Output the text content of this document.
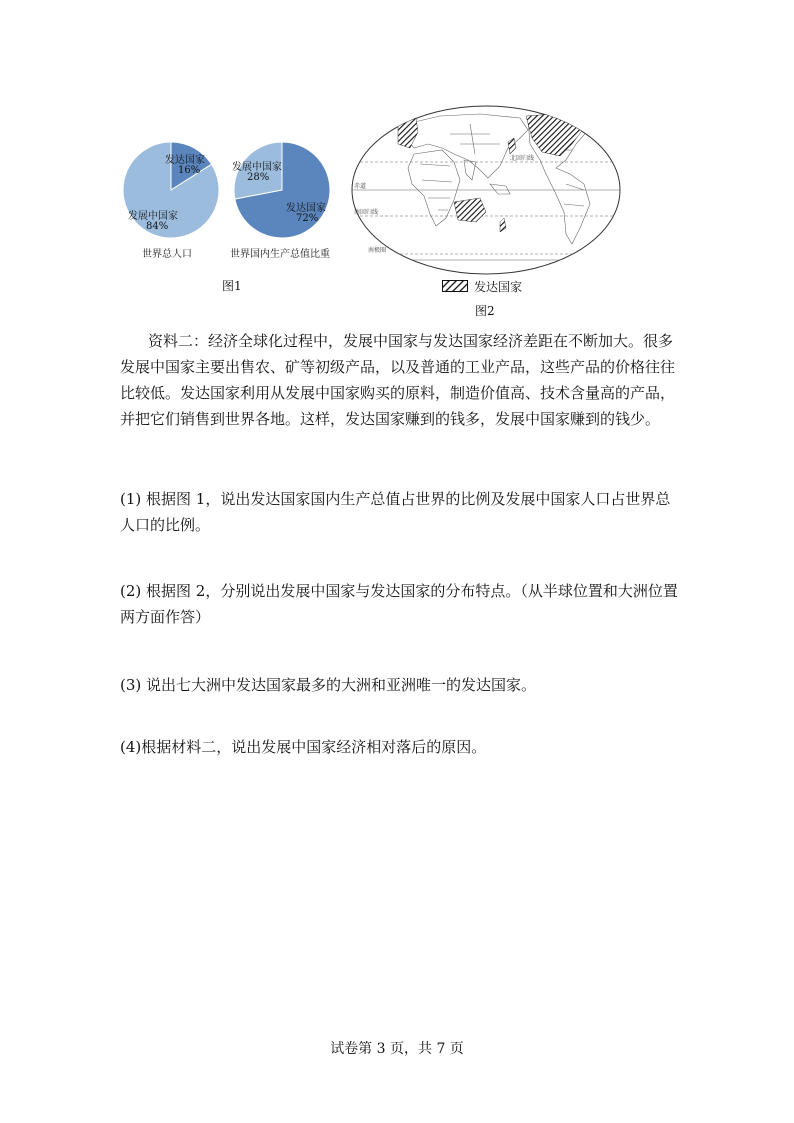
发达国家
16%
发展中国家
84%
世界总人口
发展中国家
28%
发达国家
72%
世界国内生产总值比重
图1
北回归线
赤道
南回归线
南极圈
发达国家
图2

资料二：经济全球化过程中，发展中国家与发达国家经济差距在不断加大。很多发展中国家主要出售农、矿等初级产品，以及普通的工业产品，这些产品的价格往往比较低。发达国家利用从发展中国家购买的原料，制造价值高、技术含量高的产品，并把它们销售到世界各地。这样，发达国家赚到的钱多，发展中国家赚到的钱少。

(1) 根据图 1，说出发达国家国内生产总值占世界的比例及发展中国家人口占世界总人口的比例。
(2) 根据图 2，分别说出发展中国家与发达国家的分布特点。（从半球位置和大洲位置两方面作答）
(3) 说出七大洲中发达国家最多的大洲和亚洲唯一的发达国家。
(4)根据材料二，说出发展中国家经济相对落后的原因。
试卷第 3 页，共 7 页
